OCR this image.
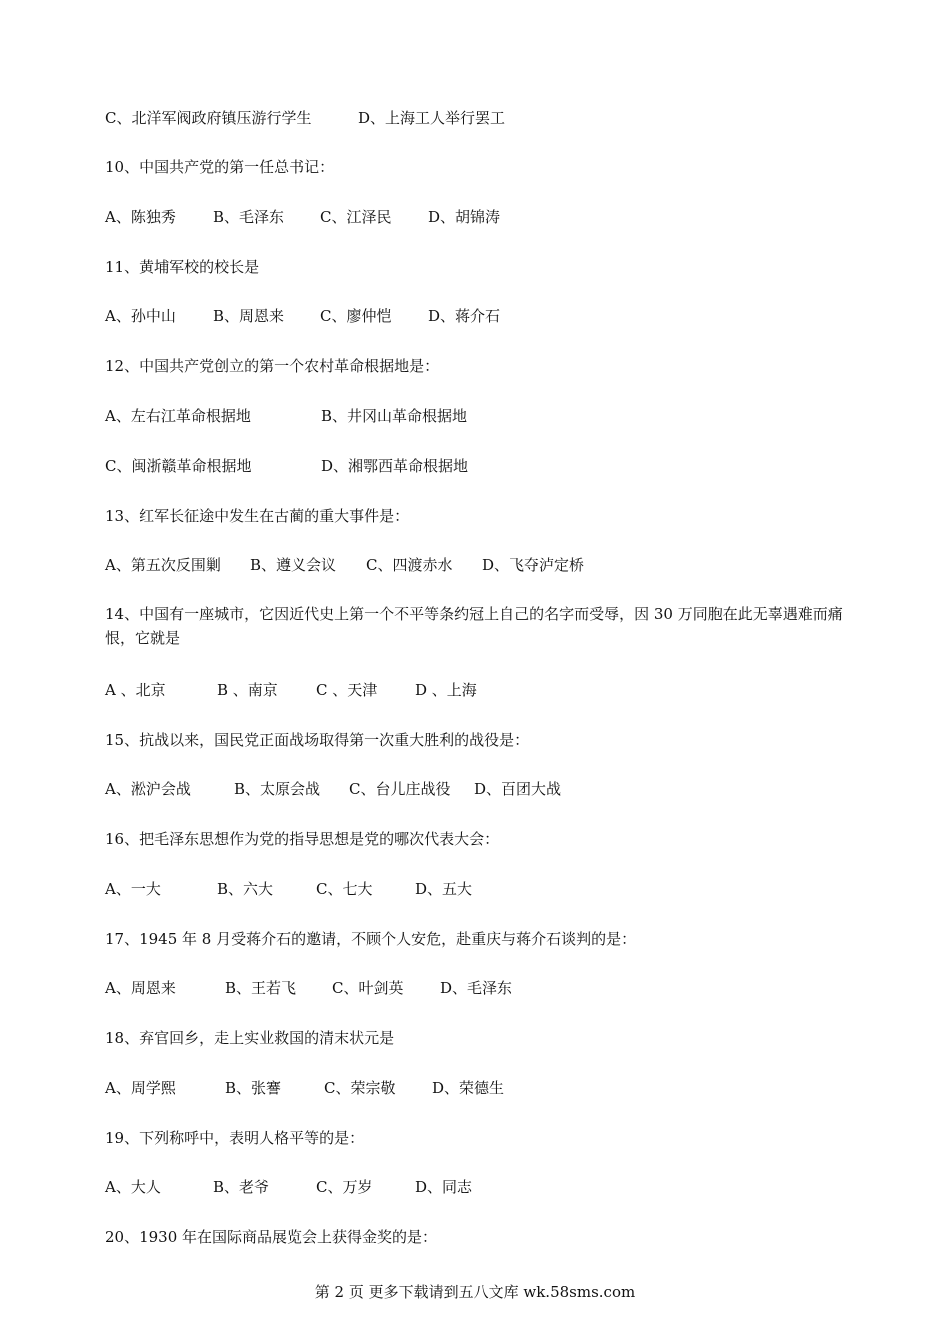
C、北洋军阀政府镇压游行学生	D、上海工人举行罢工
10、中国共产党的第一任总书记：
A、陈独秀 B、毛泽东 C、江泽民 D、胡锦涛
11、黄埔军校的校长是
A、孙中山 B、周恩来 C、廖仲恺 D、蒋介石
12、中国共产党创立的第一个农村革命根据地是：
A、左右江革命根据地	B、井冈山革命根据地
C、闽浙赣革命根据地	D、湘鄂西革命根据地
13、红军长征途中发生在古蔺的重大事件是：
A、第五次反围剿 B、遵义会议 C、四渡赤水 D、飞夺泸定桥
14、中国有一座城市，它因近代史上第一个不平等条约冠上自己的名字而受辱，因 30 万同胞在此无辜遇难而痛恨，它就是
A 、北京	B 、南京	C 、天津	D 、上海
15、抗战以来，国民党正面战场取得第一次重大胜利的战役是：
A、淞沪会战	B、太原会战 C、台儿庄战役 D、百团大战
16、把毛泽东思想作为党的指导思想是党的哪次代表大会：
A、一大	B、六大	C、七大	D、五大
17、1945 年 8 月受蒋介石的邀请，不顾个人安危，赴重庆与蒋介石谈判的是：
A、周恩来	B、王若飞 C、叶剑英 D、毛泽东
18、弃官回乡，走上实业救国的清末状元是
A、周学熙	B、张謇	C、荣宗敬 D、荣德生
19、下列称呼中，表明人格平等的是：
A、大人	B、老爷	C、万岁	D、同志
20、1930 年在国际商品展览会上获得金奖的是：
第 2 页 更多下载请到五八文库 wk.58sms.com
